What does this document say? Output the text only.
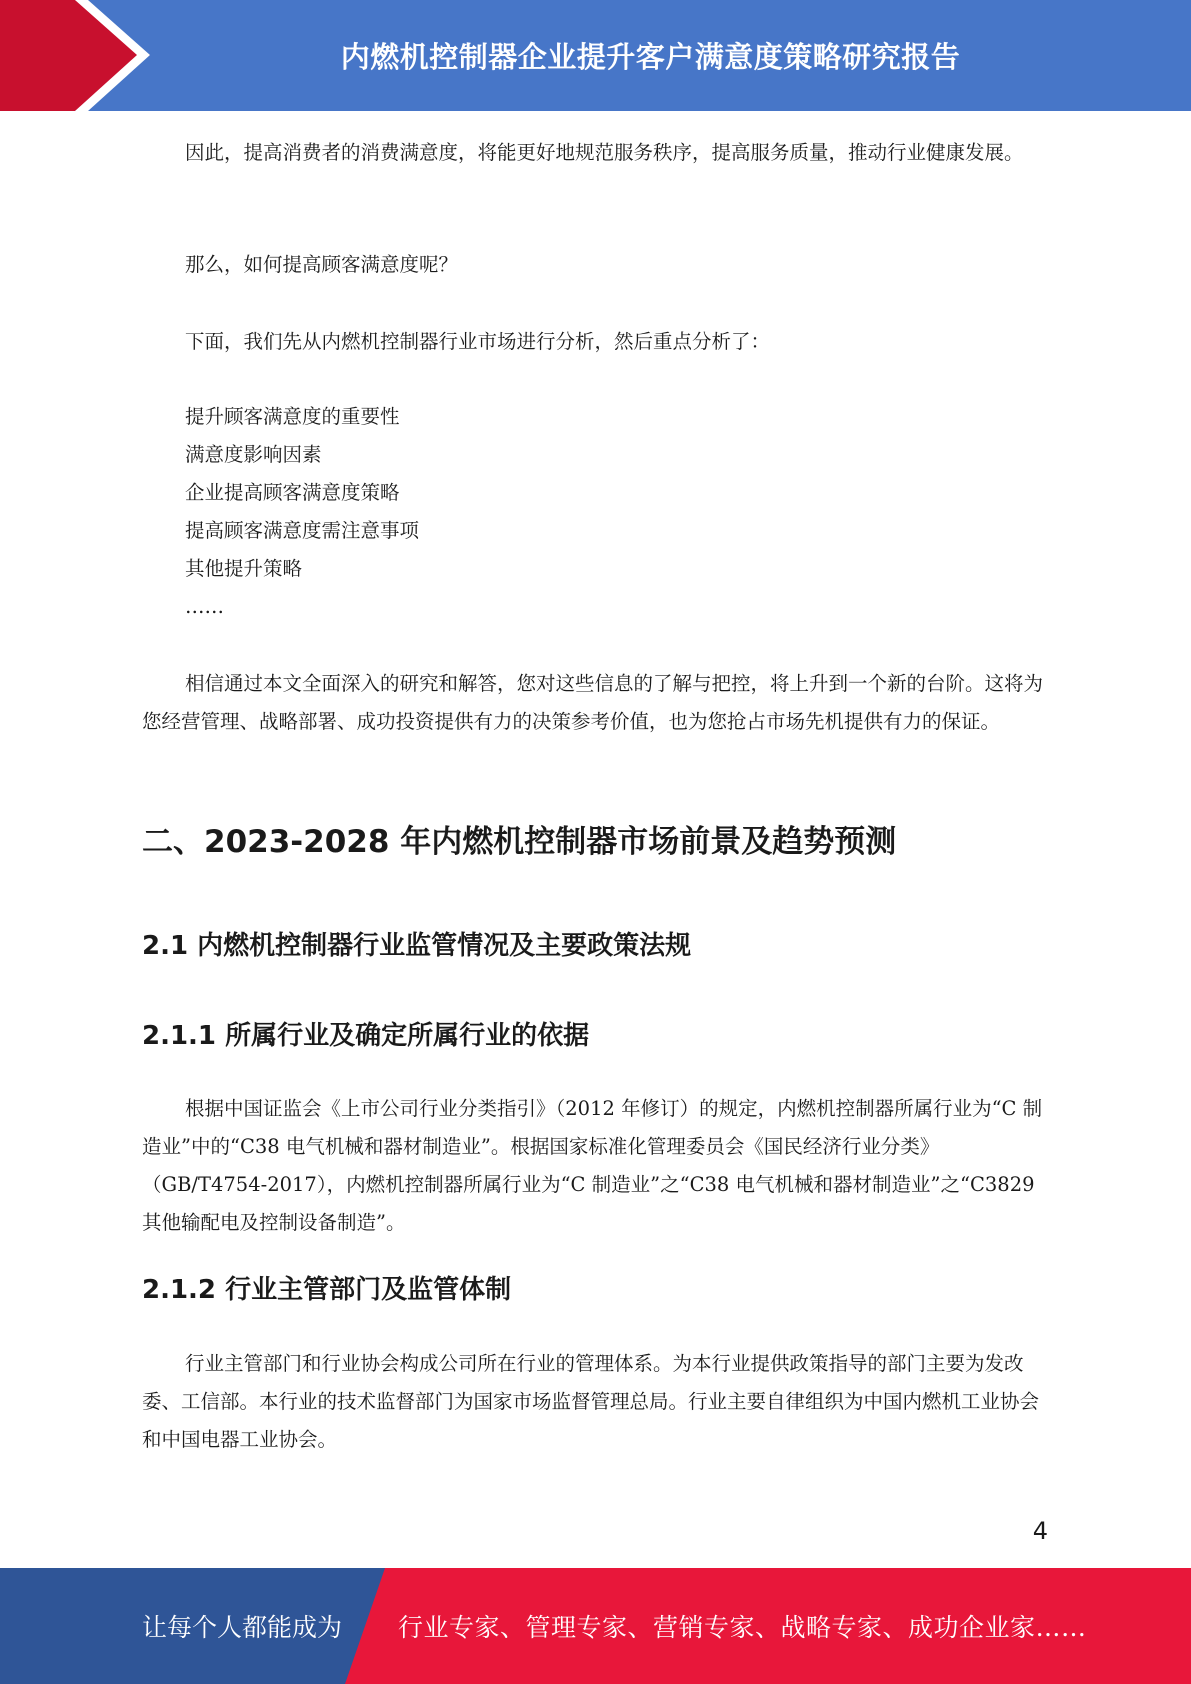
内燃机控制器企业提升客户满意度策略研究报告

因此，提高消费者的消费满意度，将能更好地规范服务秩序，提高服务质量，推动行业健康发展。

那么，如何提高顾客满意度呢？

下面，我们先从内燃机控制器行业市场进行分析，然后重点分析了：

提升顾客满意度的重要性
满意度影响因素
企业提高顾客满意度策略
提高顾客满意度需注意事项
其他提升策略
……

相信通过本文全面深入的研究和解答，您对这些信息的了解与把控，将上升到一个新的台阶。这将为您经营管理、战略部署、成功投资提供有力的决策参考价值，也为您抢占市场先机提供有力的保证。

二、2023-2028 年内燃机控制器市场前景及趋势预测
2.1 内燃机控制器行业监管情况及主要政策法规
2.1.1 所属行业及确定所属行业的依据

根据中国证监会《上市公司行业分类指引》（2012 年修订）的规定，内燃机控制器所属行业为“C 制造业”中的“C38 电气机械和器材制造业”。根据国家标准化管理委员会《国民经济行业分类》（GB/T4754-2017），内燃机控制器所属行业为“C 制造业”之“C38 电气机械和器材制造业”之“C3829 其他输配电及控制设备制造”。

2.1.2 行业主管部门及监管体制

行业主管部门和行业协会构成公司所在行业的管理体系。为本行业提供政策指导的部门主要为发改委、工信部。本行业的技术监督部门为国家市场监督管理总局。行业主要自律组织为中国内燃机工业协会和中国电器工业协会。

4
让每个人都能成为 行业专家、管理专家、营销专家、战略专家、成功企业家……
